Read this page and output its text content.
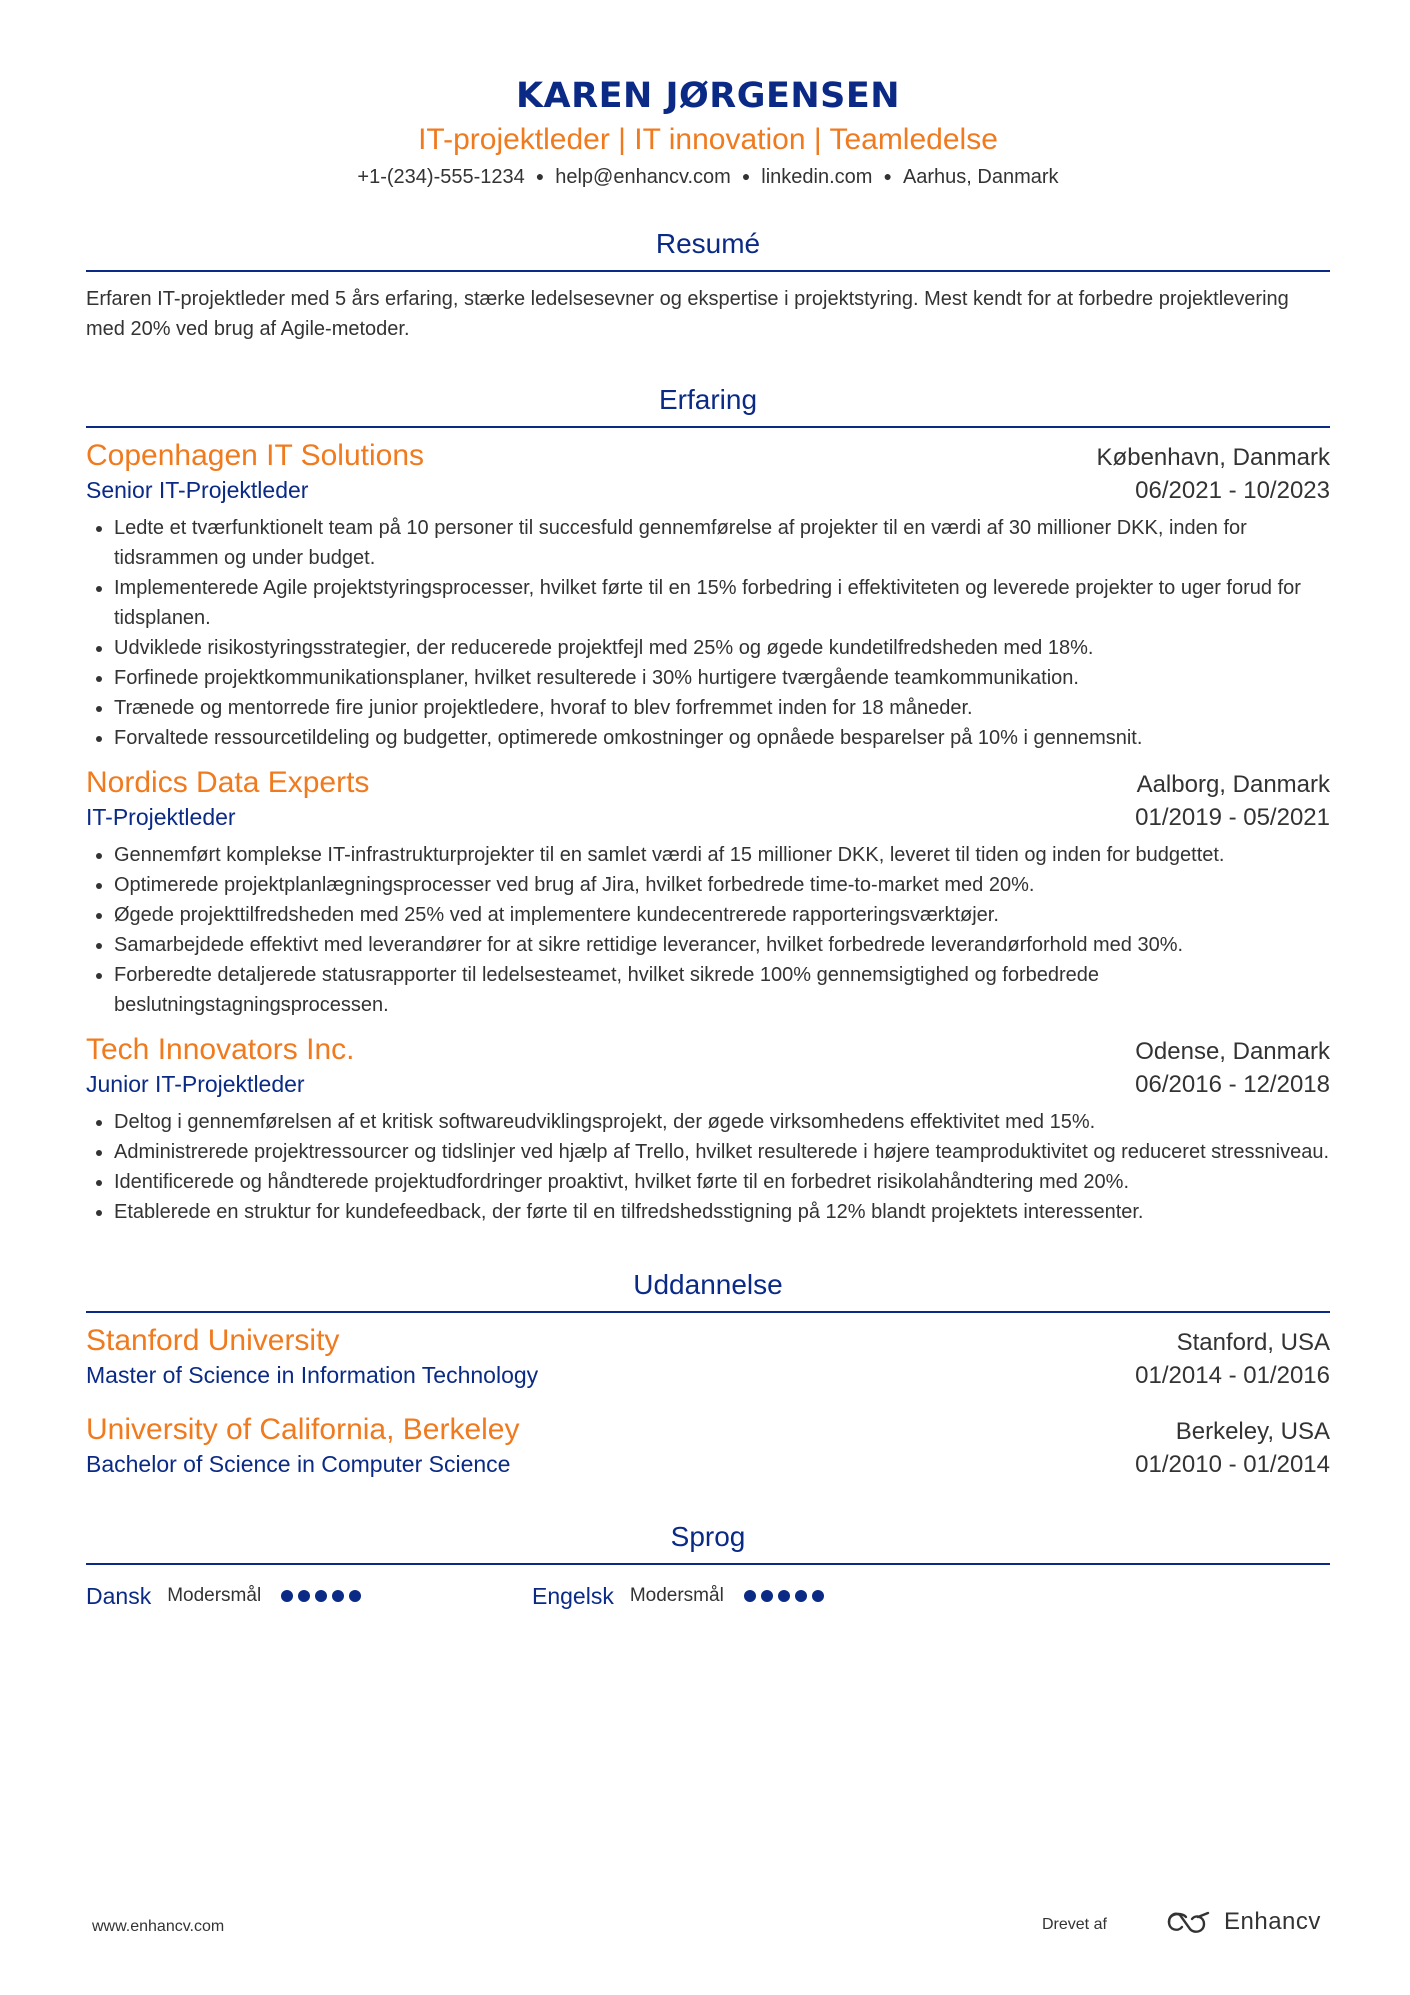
KAREN JØRGENSEN
IT-projektleder | IT innovation | Teamledelse
+1-(234)-555-1234 ● help@enhancv.com ● linkedin.com ● Aarhus, Danmark
Resumé
Erfaren IT-projektleder med 5 års erfaring, stærke ledelsesevner og ekspertise i projektstyring. Mest kendt for at forbedre projektlevering med 20% ved brug af Agile-metoder.
Erfaring
Copenhagen IT Solutions	København, Danmark
Senior IT-Projektleder	06/2021 - 10/2023
Ledte et tværfunktionelt team på 10 personer til succesfuld gennemførelse af projekter til en værdi af 30 millioner DKK, inden for tidsrammen og under budget.
Implementerede Agile projektstyringsprocesser, hvilket førte til en 15% forbedring i effektiviteten og leverede projekter to uger forud for tidsplanen.
Udviklede risikostyringsstrategier, der reducerede projektfejl med 25% og øgede kundetilfredsheden med 18%.
Forfinede projektkommunikationsplaner, hvilket resulterede i 30% hurtigere tværgående teamkommunikation.
Trænede og mentorrede fire junior projektledere, hvoraf to blev forfremmet inden for 18 måneder.
Forvaltede ressourcetildeling og budgetter, optimerede omkostninger og opnåede besparelser på 10% i gennemsnit.
Nordics Data Experts	Aalborg, Danmark
IT-Projektleder	01/2019 - 05/2021
Gennemført komplekse IT-infrastrukturprojekter til en samlet værdi af 15 millioner DKK, leveret til tiden og inden for budgettet.
Optimerede projektplanlægningsprocesser ved brug af Jira, hvilket forbedrede time-to-market med 20%.
Øgede projekttilfredsheden med 25% ved at implementere kundecentrerede rapporteringsværktøjer.
Samarbejdede effektivt med leverandører for at sikre rettidige leverancer, hvilket forbedrede leverandørforhold med 30%.
Forberedte detaljerede statusrapporter til ledelsesteamet, hvilket sikrede 100% gennemsigtighed og forbedrede beslutningstagningsprocessen.
Tech Innovators Inc.	Odense, Danmark
Junior IT-Projektleder	06/2016 - 12/2018
Deltog i gennemførelsen af et kritisk softwareudviklingsprojekt, der øgede virksomhedens effektivitet med 15%.
Administrerede projektressourcer og tidslinjer ved hjælp af Trello, hvilket resulterede i højere teamproduktivitet og reduceret stressniveau.
Identificerede og håndterede projektudfordringer proaktivt, hvilket førte til en forbedret risikolahåndtering med 20%.
Etablerede en struktur for kundefeedback, der førte til en tilfredshedsstigning på 12% blandt projektets interessenter.
Uddannelse
Stanford University	Stanford, USA
Master of Science in Information Technology	01/2014 - 01/2016
University of California, Berkeley	Berkeley, USA
Bachelor of Science in Computer Science	01/2010 - 01/2014
Sprog
Dansk Modersmål	Engelsk Modersmål
www.enhancv.com	Drevet af	Enhancv
